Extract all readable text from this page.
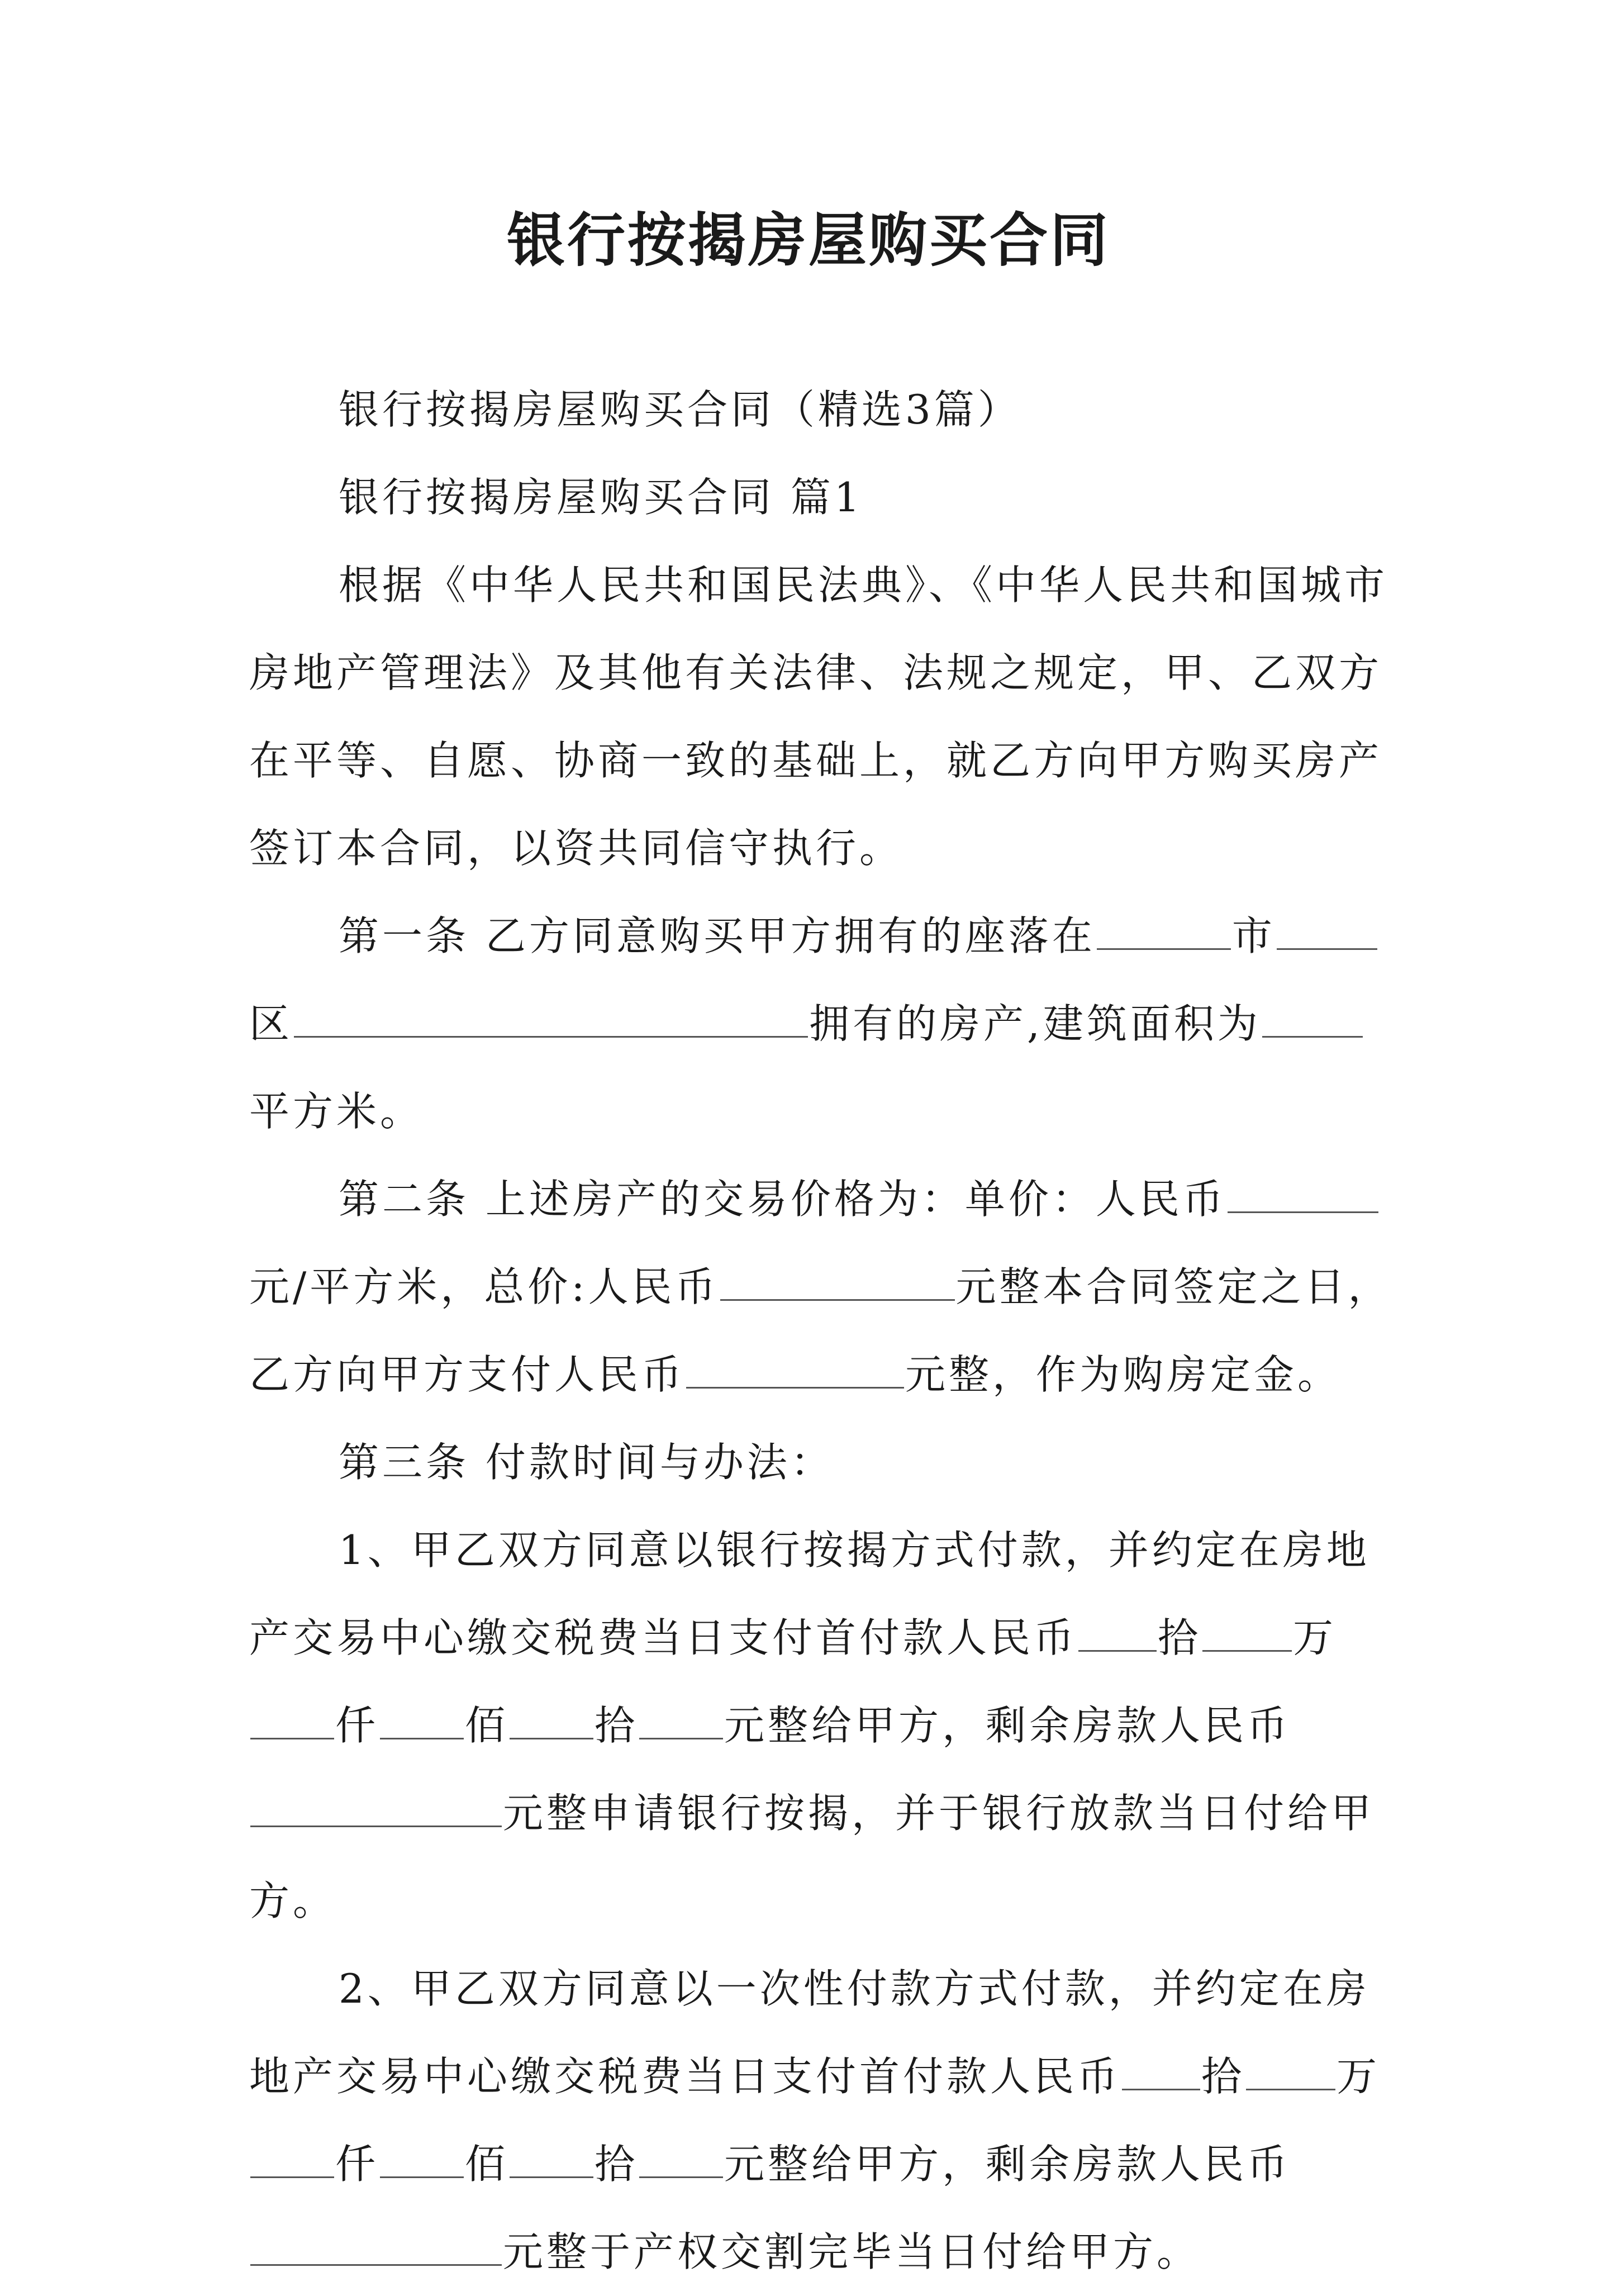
银行按揭房屋购买合同
银行按揭房屋购买合同（精选3篇）
银行按揭房屋购买合同 篇1
根据《中华人民共和国民法典》、《中华人民共和国城市
房地产管理法》及其他有关法律、法规之规定，甲、乙双方
在平等、自愿、协商一致的基础上，就乙方向甲方购买房产
签订本合同，以资共同信守执行。
第一条 乙方同意购买甲方拥有的座落在	市
区	拥有的房产,建筑面积为
平方米。
第二条 上述房产的交易价格为：单价：人民币
元/平方米，总价:人民币	元整本合同签定之日，
乙方向甲方支付人民币	元整，作为购房定金。
第三条 付款时间与办法：
1、甲乙双方同意以银行按揭方式付款，并约定在房地
产交易中心缴交税费当日支付首付款人民币 拾 万
仟 佰 拾 元整给甲方，剩余房款人民币
元整申请银行按揭，并于银行放款当日付给甲
方。
2、甲乙双方同意以一次性付款方式付款，并约定在房
地产交易中心缴交税费当日支付首付款人民币 拾 万
仟 佰 拾 元整给甲方，剩余房款人民币
元整于产权交割完毕当日付给甲方。
